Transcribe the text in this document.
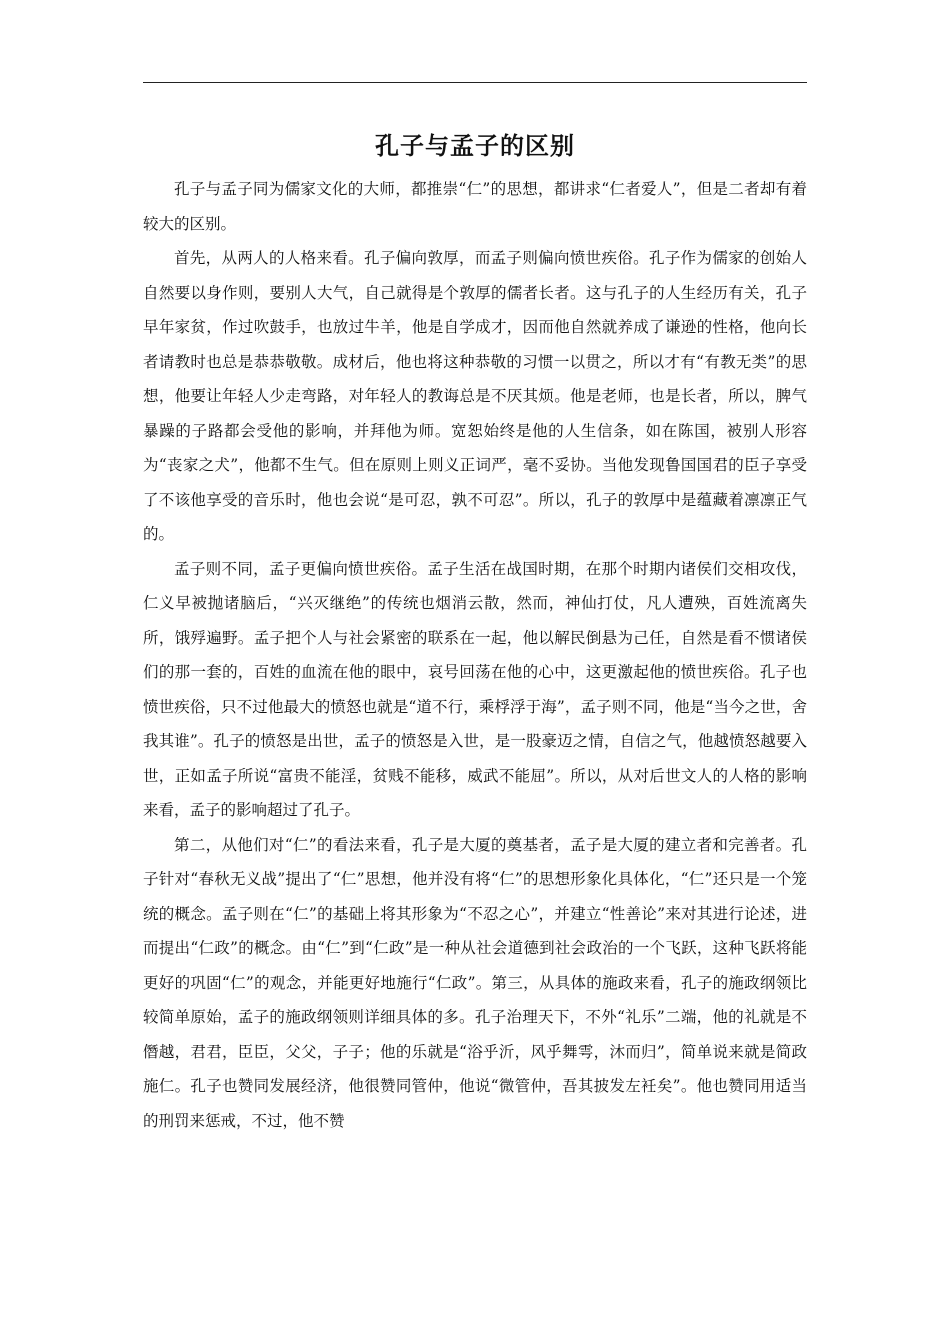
孔子与孟子的区别

孔子与孟子同为儒家文化的大师，都推崇“仁”的思想，都讲求“仁者爱人”，但是二者却有着较大的区别。

首先，从两人的人格来看。孔子偏向敦厚，而孟子则偏向愤世疾俗。孔子作为儒家的创始人自然要以身作则，要别人大气，自己就得是个敦厚的儒者长者。这与孔子的人生经历有关，孔子早年家贫，作过吹鼓手，也放过牛羊，他是自学成才，因而他自然就养成了谦逊的性格，他向长者请教时也总是恭恭敬敬。成材后，他也将这种恭敬的习惯一以贯之，所以才有“有教无类”的思想，他要让年轻人少走弯路，对年轻人的教诲总是不厌其烦。他是老师，也是长者，所以，脾气暴躁的子路都会受他的影响，并拜他为师。宽恕始终是他的人生信条，如在陈国，被别人形容为“丧家之犬”，他都不生气。但在原则上则义正词严，毫不妥协。当他发现鲁国国君的臣子享受了不该他享受的音乐时，他也会说“是可忍，孰不可忍”。所以，孔子的敦厚中是蕴藏着凛凛正气的。

孟子则不同，孟子更偏向愤世疾俗。孟子生活在战国时期，在那个时期内诸侯们交相攻伐，仁义早被抛诸脑后，“兴灭继绝”的传统也烟消云散，然而，神仙打仗，凡人遭殃，百姓流离失所，饿殍遍野。孟子把个人与社会紧密的联系在一起，他以解民倒悬为己任，自然是看不惯诸侯们的那一套的，百姓的血流在他的眼中，哀号回荡在他的心中，这更激起他的愤世疾俗。孔子也愤世疾俗，只不过他最大的愤怒也就是“道不行，乘桴浮于海”，孟子则不同，他是“当今之世，舍我其谁”。孔子的愤怒是出世，孟子的愤怒是入世，是一股豪迈之情，自信之气，他越愤怒越要入世，正如孟子所说“富贵不能淫，贫贱不能移，威武不能屈”。所以，从对后世文人的人格的影响来看，孟子的影响超过了孔子。

第二，从他们对“仁”的看法来看，孔子是大厦的奠基者，孟子是大厦的建立者和完善者。孔子针对“春秋无义战”提出了“仁”思想，他并没有将“仁”的思想形象化具体化，“仁”还只是一个笼统的概念。孟子则在“仁”的基础上将其形象为“不忍之心”，并建立“性善论”来对其进行论述，进而提出“仁政”的概念。由“仁”到“仁政”是一种从社会道德到社会政治的一个飞跃，这种飞跃将能更好的巩固“仁”的观念，并能更好地施行“仁政”。第三，从具体的施政来看，孔子的施政纲领比较简单原始，孟子的施政纲领则详细具体的多。孔子治理天下，不外“礼乐”二端，他的礼就是不僭越，君君，臣臣，父父，子子；他的乐就是“浴乎沂，风乎舞雩，沐而归”，简单说来就是简政施仁。孔子也赞同发展经济，他很赞同管仲，他说“微管仲，吾其披发左衽矣”。他也赞同用适当的刑罚来惩戒，不过，他不赞
